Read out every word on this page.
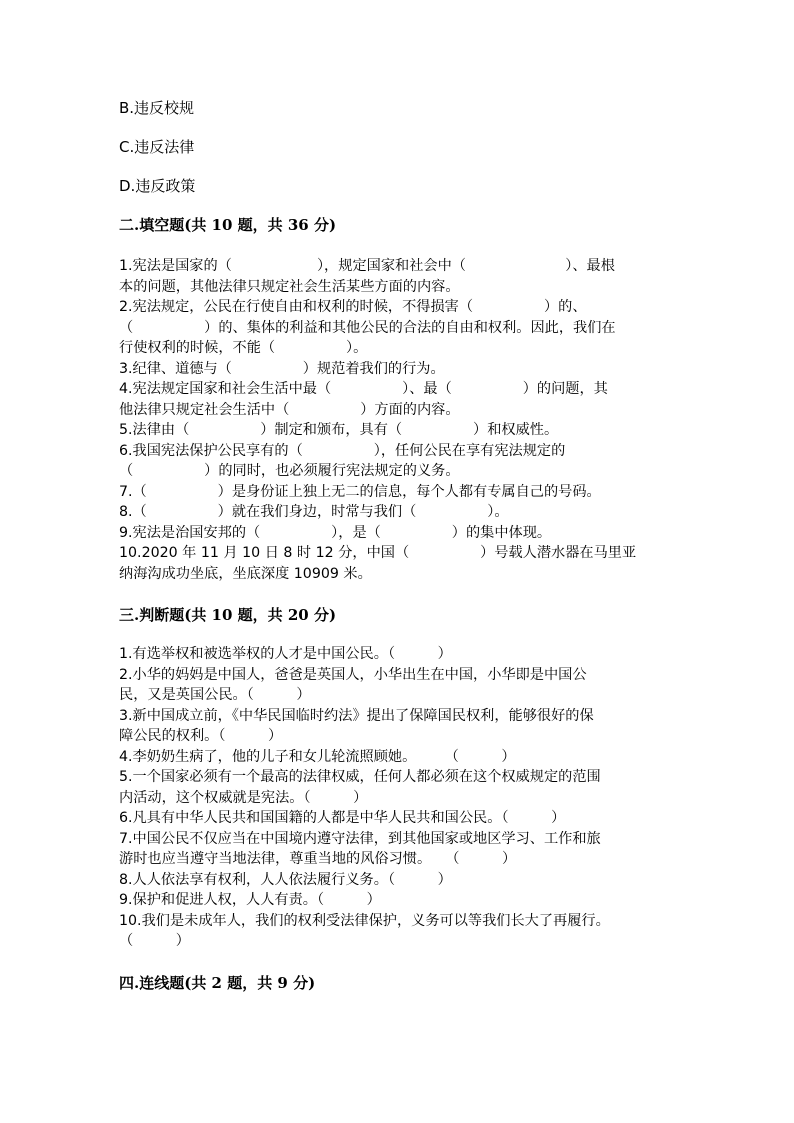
B.违反校规
C.违反法律
D.违反政策
二.填空题(共 10 题，共 36 分)
1.宪法是国家的（　　　　　　），规定国家和社会中（　　　　　　　）、最根
本的问题，其他法律只规定社会生活某些方面的内容。
2.宪法规定，公民在行使自由和权利的时候，不得损害（　　　　　）的、
（　　　　　）的、集体的利益和其他公民的合法的自由和权利。因此，我们在
行使权利的时候，不能（　　　　　）。
3.纪律、道德与（　　　　　）规范着我们的行为。
4.宪法规定国家和社会生活中最（　　　　　）、最（　　　　　）的问题，其
他法律只规定社会生活中（　　　　　）方面的内容。
5.法律由（　　　　　）制定和颁布，具有（　　　　　）和权威性。
6.我国宪法保护公民享有的（　　　　　），任何公民在享有宪法规定的
（　　　　　）的同时，也必须履行宪法规定的义务。
7.（　　　　　）是身份证上独上无二的信息，每个人都有专属自己的号码。
8.（　　　　　）就在我们身边，时常与我们（　　　　　）。
9.宪法是治国安邦的（　　　　　），是（　　　　　）的集中体现。
10.2020 年 11 月 10 日 8 时 12 分，中国（　　　　　）号载人潜水器在马里亚
纳海沟成功坐底，坐底深度 10909 米。
三.判断题(共 10 题，共 20 分)
1.有选举权和被选举权的人才是中国公民。（　　　）
2.小华的妈妈是中国人，爸爸是英国人，小华出生在中国，小华即是中国公
民，又是英国公民。（　　　）
3.新中国成立前，《中华民国临时约法》提出了保障国民权利，能够很好的保
障公民的权利。（　　　）
4.李奶奶生病了，他的儿子和女儿轮流照顾她。　　　（　　　）
5.一个国家必须有一个最高的法律权威，任何人都必须在这个权威规定的范围
内活动，这个权威就是宪法。（　　　）
6.凡具有中华人民共和国国籍的人都是中华人民共和国公民。（　　　）
7.中国公民不仅应当在中国境内遵守法律，到其他国家或地区学习、工作和旅
游时也应当遵守当地法律，尊重当地的风俗习惯。　　（　　　）
8.人人依法享有权利，人人依法履行义务。（　　　）
9.保护和促进人权，人人有责。（　　　）
10.我们是未成年人，我们的权利受法律保护，义务可以等我们长大了再履行。
（　　　）
四.连线题(共 2 题，共 9 分)
